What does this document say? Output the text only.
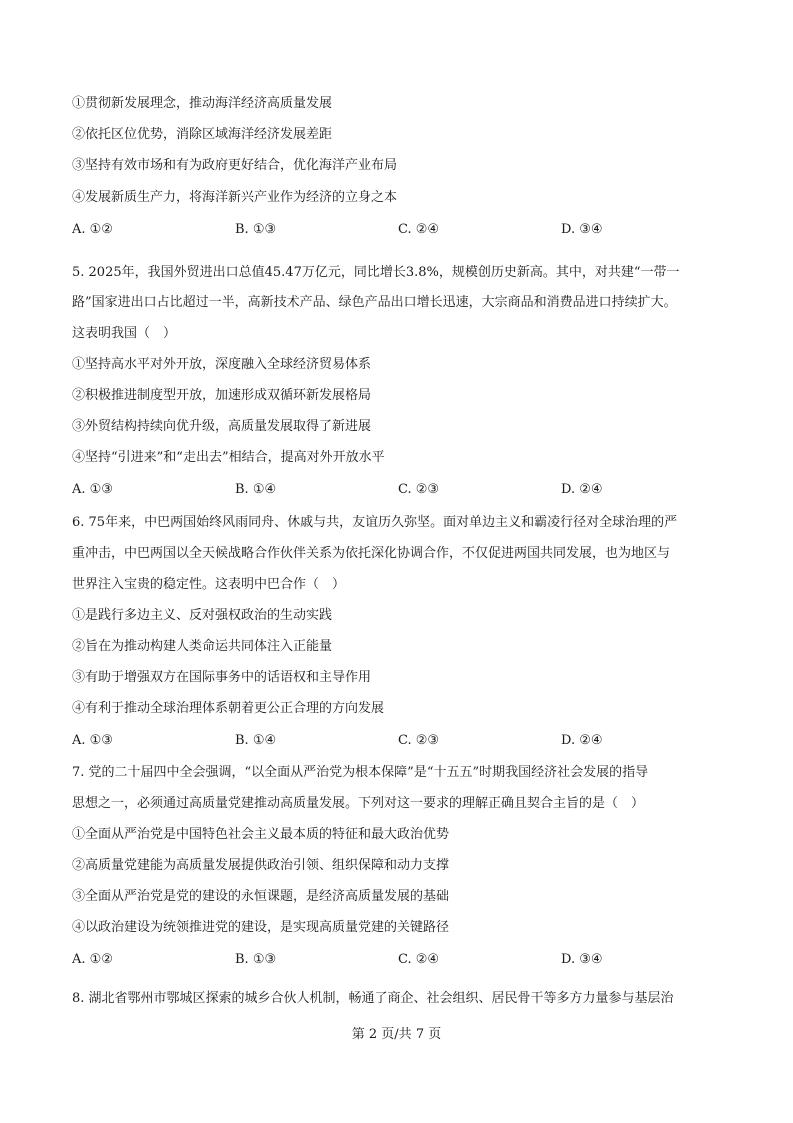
①贯彻新发展理念，推动海洋经济高质量发展
②依托区位优势，消除区域海洋经济发展差距
③坚持有效市场和有为政府更好结合，优化海洋产业布局
④发展新质生产力，将海洋新兴产业作为经济的立身之本
A. ①②	B. ①③	C. ②④	D. ③④
5. 2025年，我国外贸进出口总值45.47万亿元，同比增长3.8%，规模创历史新高。其中，对共建“一带一
路”国家进出口占比超过一半，高新技术产品、绿色产品出口增长迅速，大宗商品和消费品进口持续扩大。
这表明我国（　）
①坚持高水平对外开放，深度融入全球经济贸易体系
②积极推进制度型开放，加速形成双循环新发展格局
③外贸结构持续向优升级，高质量发展取得了新进展
④坚持“引进来”和“走出去”相结合，提高对外开放水平
A. ①③	B. ①④	C. ②③	D. ②④
6. 75年来，中巴两国始终风雨同舟、休戚与共，友谊历久弥坚。面对单边主义和霸凌行径对全球治理的严
重冲击，中巴两国以全天候战略合作伙伴关系为依托深化协调合作，不仅促进两国共同发展，也为地区与
世界注入宝贵的稳定性。这表明中巴合作（　）
①是践行多边主义、反对强权政治的生动实践
②旨在为推动构建人类命运共同体注入正能量
③有助于增强双方在国际事务中的话语权和主导作用
④有利于推动全球治理体系朝着更公正合理的方向发展
A. ①③	B. ①④	C. ②③	D. ②④
7. 党的二十届四中全会强调，“以全面从严治党为根本保障”是“十五五”时期我国经济社会发展的指导
思想之一，必须通过高质量党建推动高质量发展。下列对这一要求的理解正确且契合主旨的是（　）
①全面从严治党是中国特色社会主义最本质的特征和最大政治优势
②高质量党建能为高质量发展提供政治引领、组织保障和动力支撑
③全面从严治党是党的建设的永恒课题，是经济高质量发展的基础
④以政治建设为统领推进党的建设，是实现高质量党建的关键路径
A. ①②	B. ①③	C. ②④	D. ③④
8. 湖北省鄂州市鄂城区探索的城乡合伙人机制，畅通了商企、社会组织、居民骨干等多方力量参与基层治
第 2 页/共 7 页
